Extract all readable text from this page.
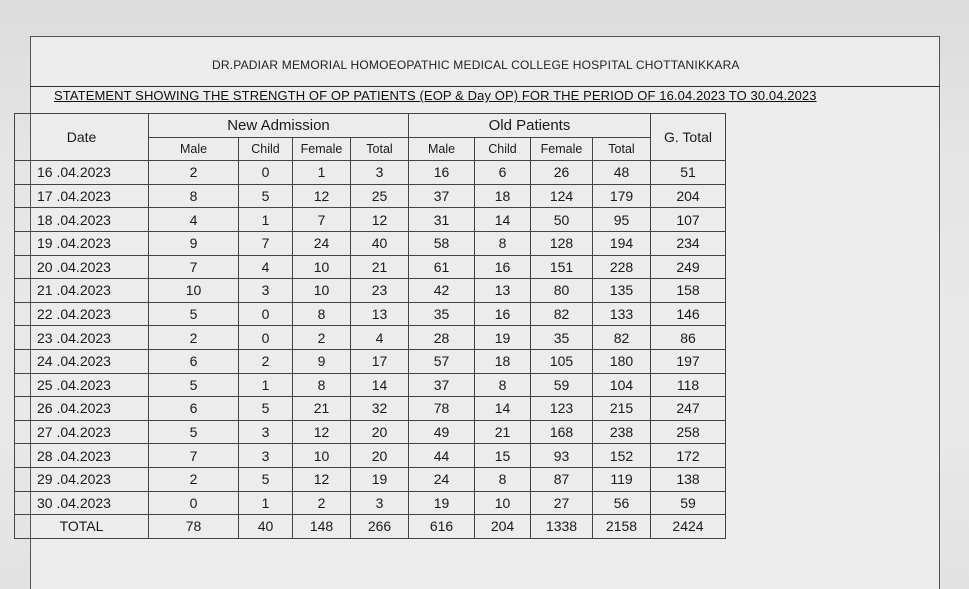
DR.PADIAR MEMORIAL HOMOEOPATHIC MEDICAL COLLEGE HOSPITAL CHOTTANIKKARA
STATEMENT SHOWING THE STRENGTH OF OP PATIENTS (EOP & Day OP) FOR THE PERIOD OF 16.04.2023 TO 30.04.2023
Date	New Admission				Old Patients				G. Total
	Male	Child	Female	Total	Male	Child	Female	Total	
16 .04.2023	2	0	1	3	16	6	26	48	51
17 .04.2023	8	5	12	25	37	18	124	179	204
18 .04.2023	4	1	7	12	31	14	50	95	107
19 .04.2023	9	7	24	40	58	8	128	194	234
20 .04.2023	7	4	10	21	61	16	151	228	249
21 .04.2023	10	3	10	23	42	13	80	135	158
22 .04.2023	5	0	8	13	35	16	82	133	146
23 .04.2023	2	0	2	4	28	19	35	82	86
24 .04.2023	6	2	9	17	57	18	105	180	197
25 .04.2023	5	1	8	14	37	8	59	104	118
26 .04.2023	6	5	21	32	78	14	123	215	247
27 .04.2023	5	3	12	20	49	21	168	238	258
28 .04.2023	7	3	10	20	44	15	93	152	172
29 .04.2023	2	5	12	19	24	8	87	119	138
30 .04.2023	0	1	2	3	19	10	27	56	59
TOTAL	78	40	148	266	616	204	1338	2158	2424
